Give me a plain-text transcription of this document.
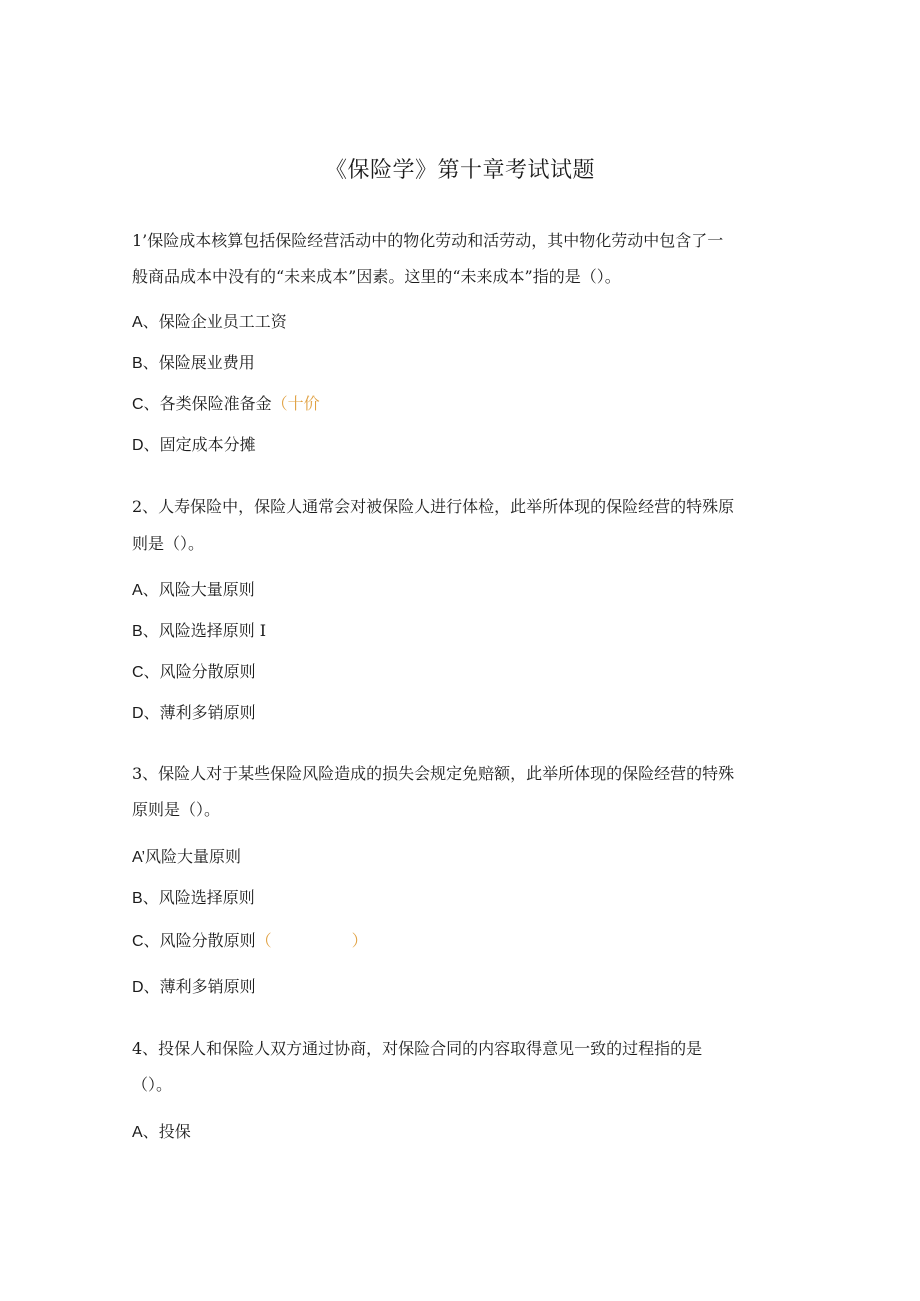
《保险学》第十章考试试题
1’保险成本核算包括保险经营活动中的物化劳动和活劳动，其中物化劳动中包含了一
般商品成本中没有的“未来成本”因素。这里的“未来成本”指的是（）。
A、保险企业员工工资
B、保险展业费用
C、各类保险准备金（十价
D、固定成本分摊
2、人寿保险中，保险人通常会对被保险人进行体检，此举所体现的保险经营的特殊原
则是（）。
A、风险大量原则
B、风险选择原则 I
C、风险分散原则
D、薄利多销原则
3、保险人对于某些保险风险造成的损失会规定免赔额，此举所体现的保险经营的特殊
原则是（）。
A’风险大量原则
B、风险选择原则
C、风险分散原则（　　　　　）
D、薄利多销原则
4、投保人和保险人双方通过协商，对保险合同的内容取得意见一致的过程指的是
（）。
A、投保
